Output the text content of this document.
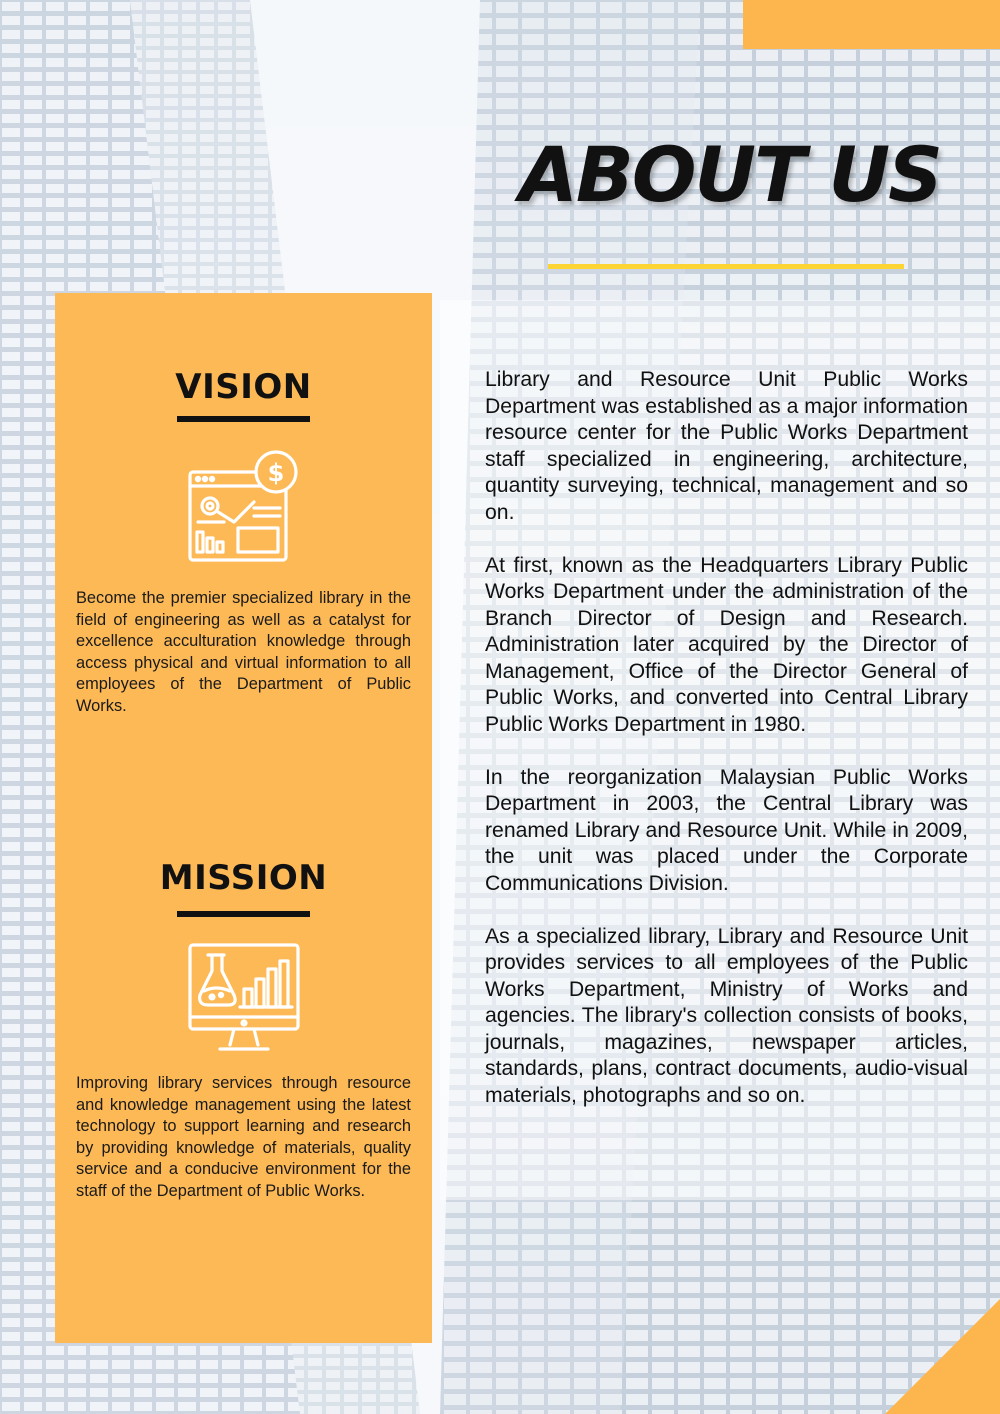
ABOUT US
VISION
$

Become the premier specialized library in the field of engineering as well as a catalyst for excellence acculturation knowledge through access physical and virtual information to all employees of the Department of Public Works.

MISSION

Improving library services through resource and knowledge management using the latest technology to support learning and research by providing knowledge of materials, quality service and a conducive environment for the staff of the Department of Public Works.

Library and Resource Unit Public Works Department was established as a major information resource center for the Public Works Department staff specialized in engineering, architecture, quantity surveying, technical, management and so on.

At first, known as the Headquarters Library Public Works Department under the administration of the Branch Director of Design and Research. Administration later acquired by the Director of Management, Office of the Director General of Public Works, and converted into Central Library Public Works Department in 1980.

In the reorganization Malaysian Public Works Department in 2003, the Central Library was renamed Library and Resource Unit. While in 2009, the unit was placed under the Corporate Communications Division.

As a specialized library, Library and Resource Unit provides services to all employees of the Public Works Department, Ministry of Works and agencies. The library's collection consists of books, journals, magazines, newspaper articles, standards, plans, contract documents, audio-visual materials, photographs and so on.
